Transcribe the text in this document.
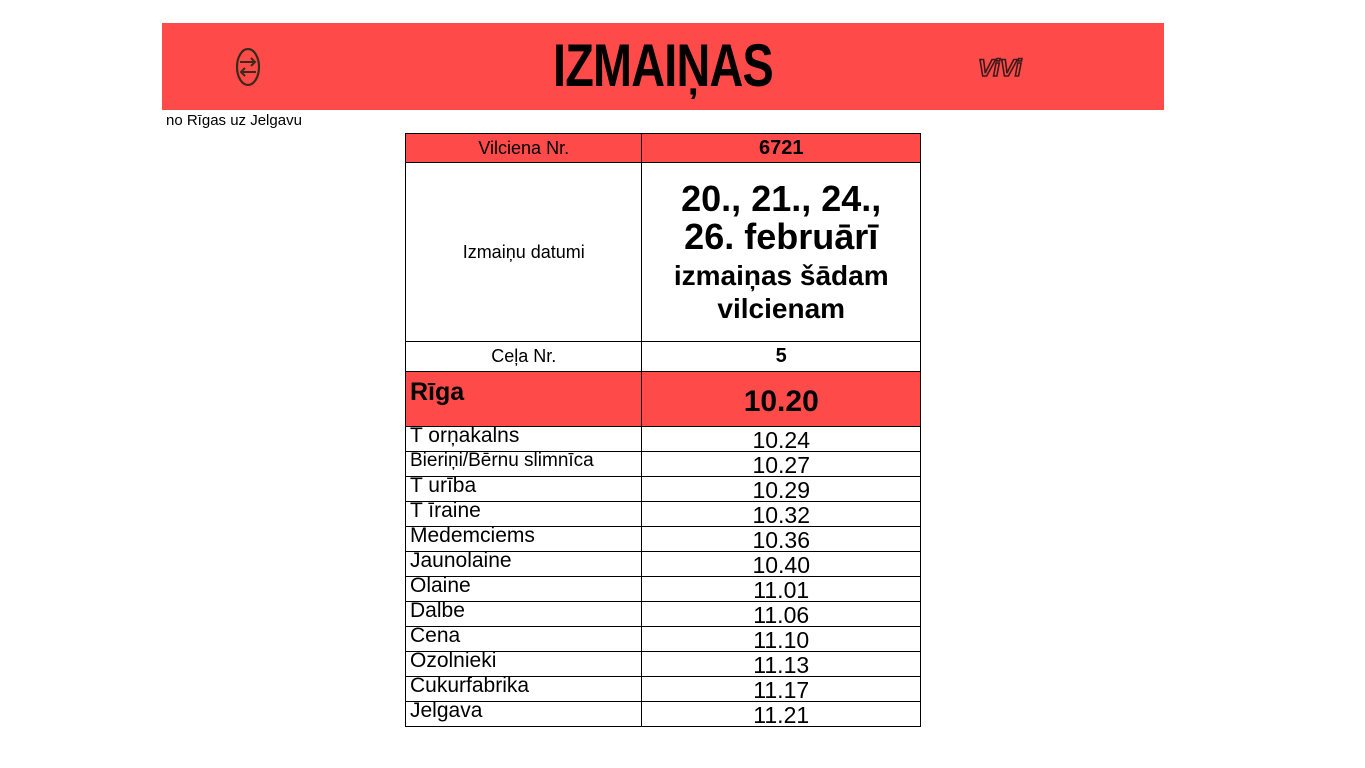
IZMAIŅAS	ViVi
no Rīgas uz Jelgavu
Vilciena Nr.	6721
Izmaiņu datumi	20., 21., 24.,
26. februārī
izmaiņas šādam
vilcienam

Ceļa Nr.	5
Rīga	10.20
T orņakalns	10.24
Bieriņi/Bērnu slimnīca	10.27
T urība	10.29
T īraine	10.32
Medemciems	10.36
Jaunolaine	10.40
Olaine	11.01
Dalbe	11.06
Cena	11.10
Ozolnieki	11.13
Cukurfabrika	11.17
Jelgava	11.21
